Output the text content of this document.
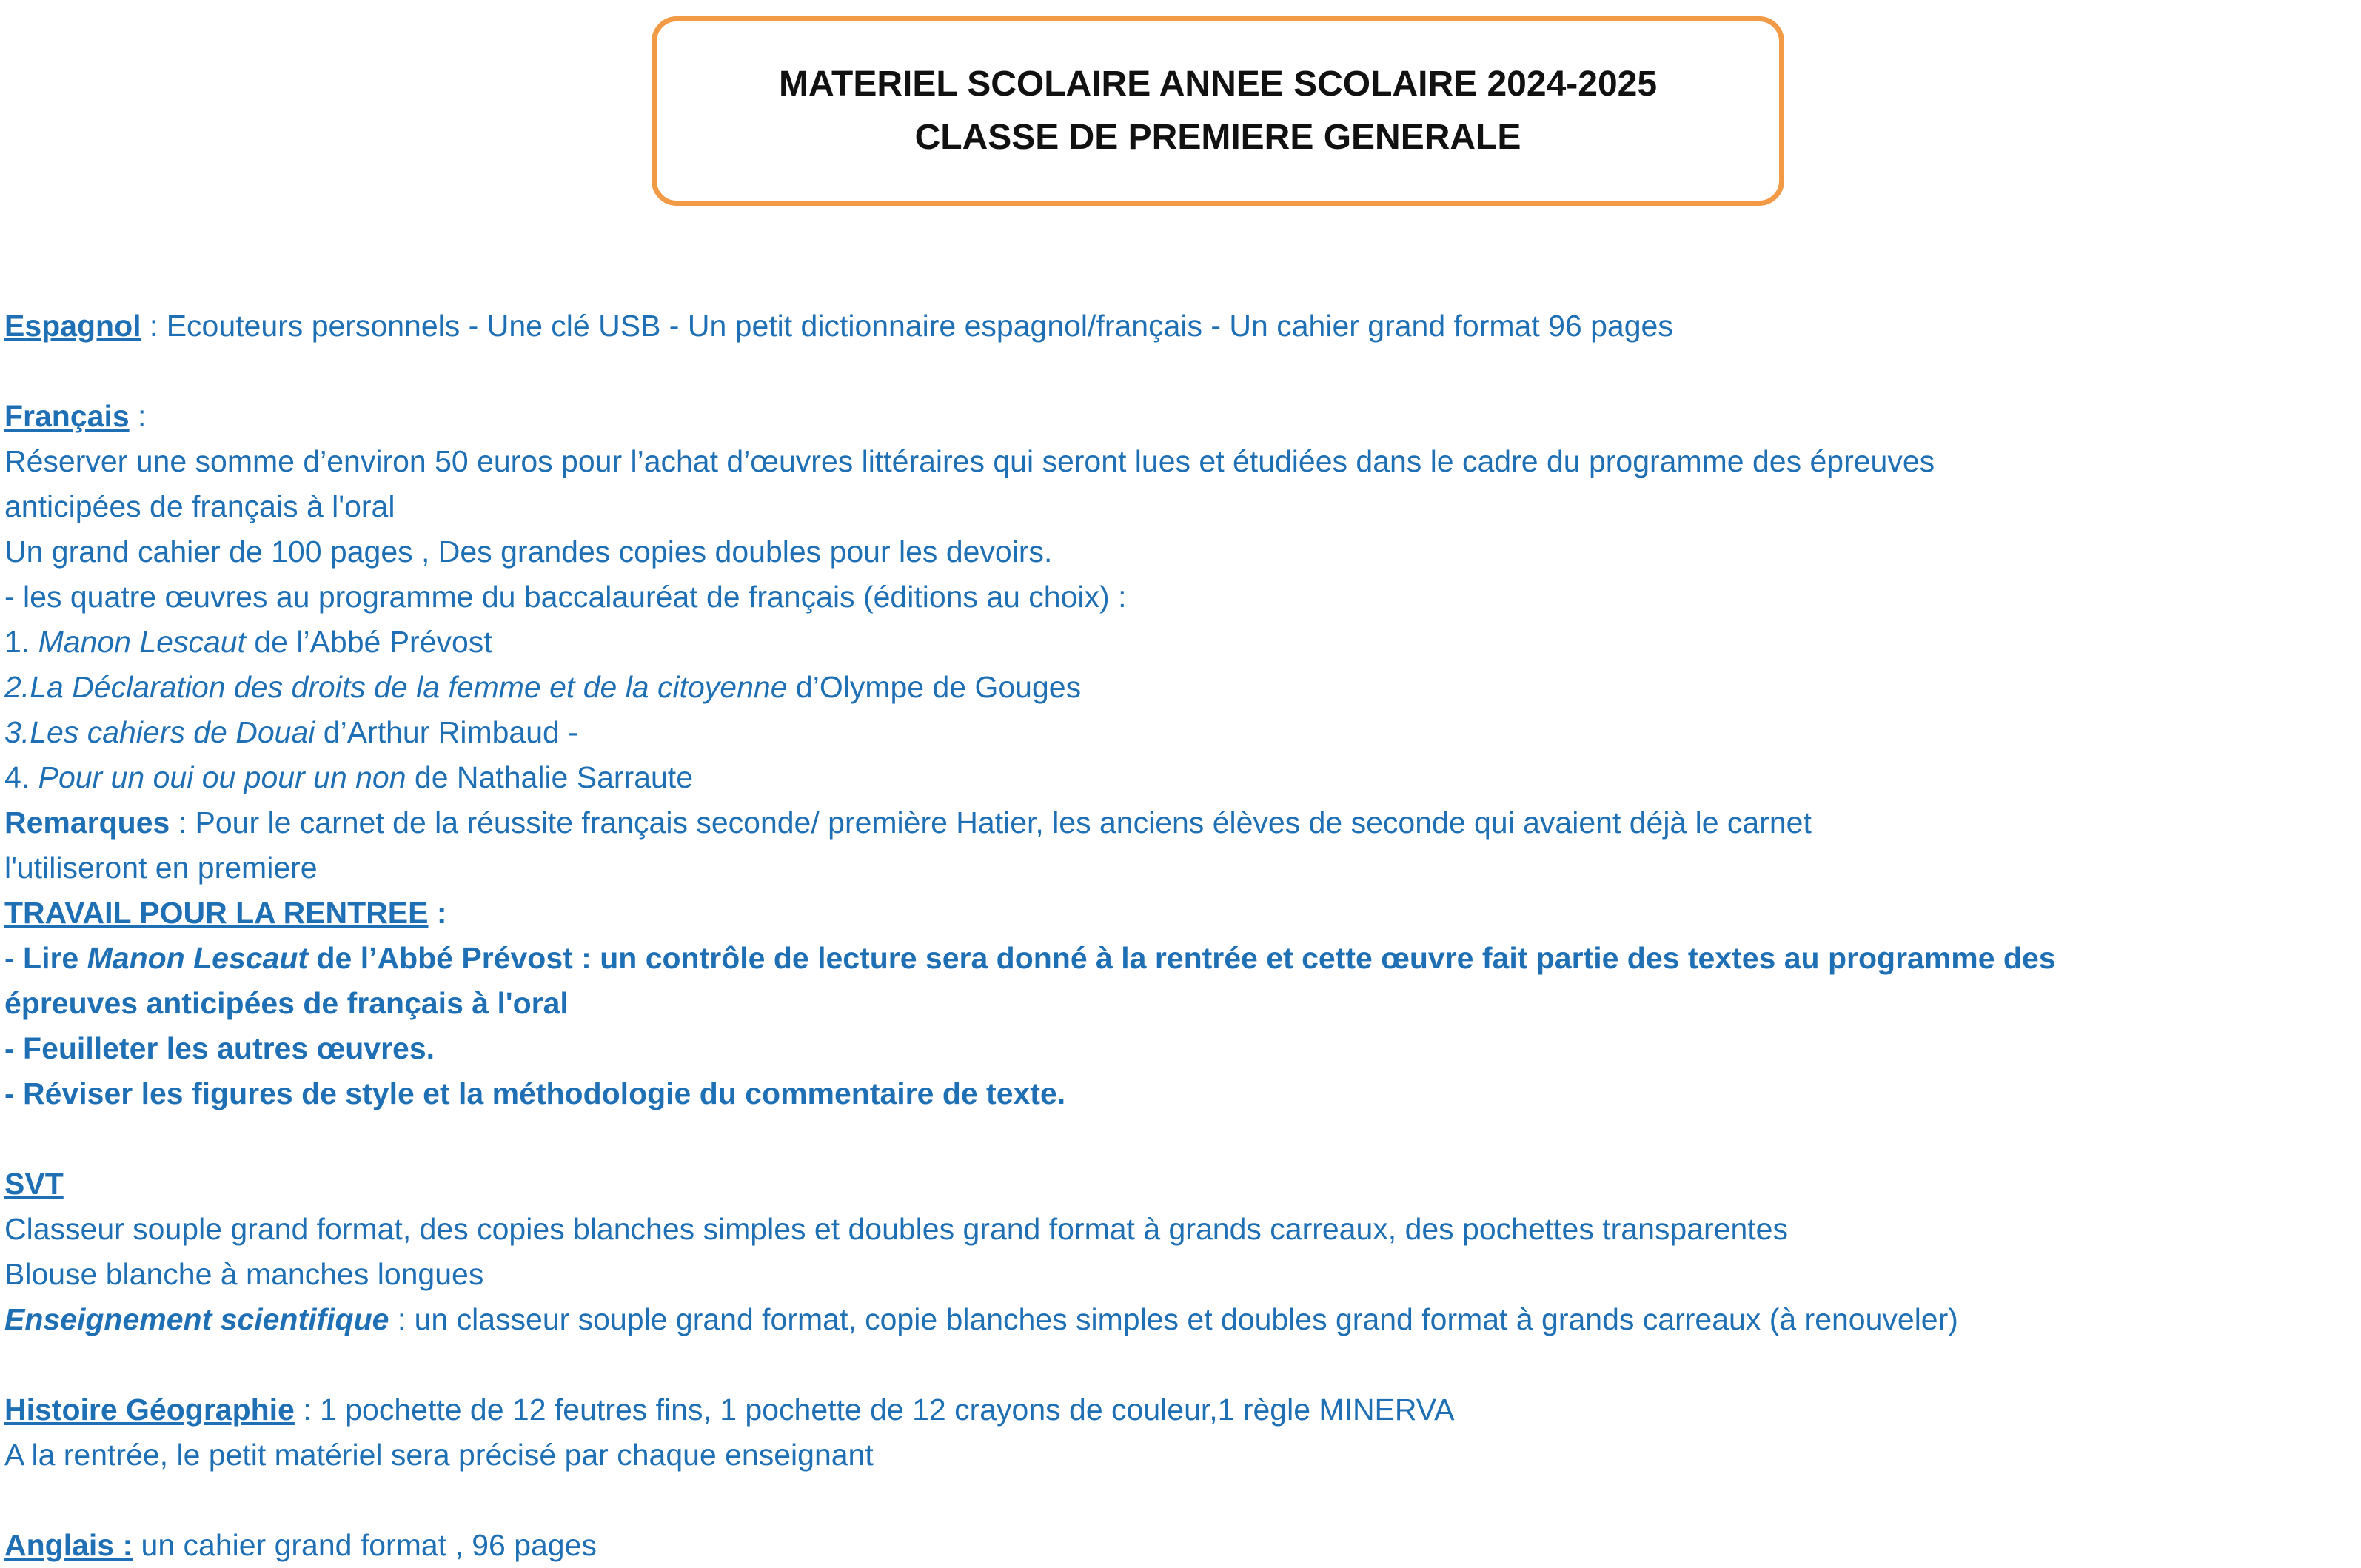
MATERIEL SCOLAIRE ANNEE SCOLAIRE 2024-2025
CLASSE DE PREMIERE GENERALE
Espagnol : Ecouteurs personnels - Une clé USB - Un petit dictionnaire espagnol/français - Un cahier grand format 96 pages
Français :
Réserver une somme d’environ 50 euros pour l’achat d’œuvres littéraires qui seront lues et étudiées dans le cadre du programme des épreuves
anticipées de français à l'oral
Un grand cahier de 100 pages , Des grandes copies doubles pour les devoirs.
- les quatre œuvres au programme du baccalauréat de français (éditions au choix) :
1. Manon Lescaut de l’Abbé Prévost
2.La Déclaration des droits de la femme et de la citoyenne d’Olympe de Gouges
3.Les cahiers de Douai d’Arthur Rimbaud -
4. Pour un oui ou pour un non de Nathalie Sarraute
Remarques : Pour le carnet de la réussite français seconde/ première Hatier, les anciens élèves de seconde qui avaient déjà le carnet
l'utiliseront en premiere
TRAVAIL POUR LA RENTREE :
- Lire Manon Lescaut de l’Abbé Prévost : un contrôle de lecture sera donné à la rentrée et cette œuvre fait partie des textes au programme des
épreuves anticipées de français à l'oral
- Feuilleter les autres œuvres.
- Réviser les figures de style et la méthodologie du commentaire de texte.
SVT
Classeur souple grand format, des copies blanches simples et doubles grand format à grands carreaux, des pochettes transparentes
Blouse blanche à manches longues
Enseignement scientifique : un classeur souple grand format, copie blanches simples et doubles grand format à grands carreaux (à renouveler)
Histoire Géographie : 1 pochette de 12 feutres fins, 1 pochette de 12 crayons de couleur,1 règle MINERVA
A la rentrée, le petit matériel sera précisé par chaque enseignant
Anglais : un cahier grand format , 96 pages
